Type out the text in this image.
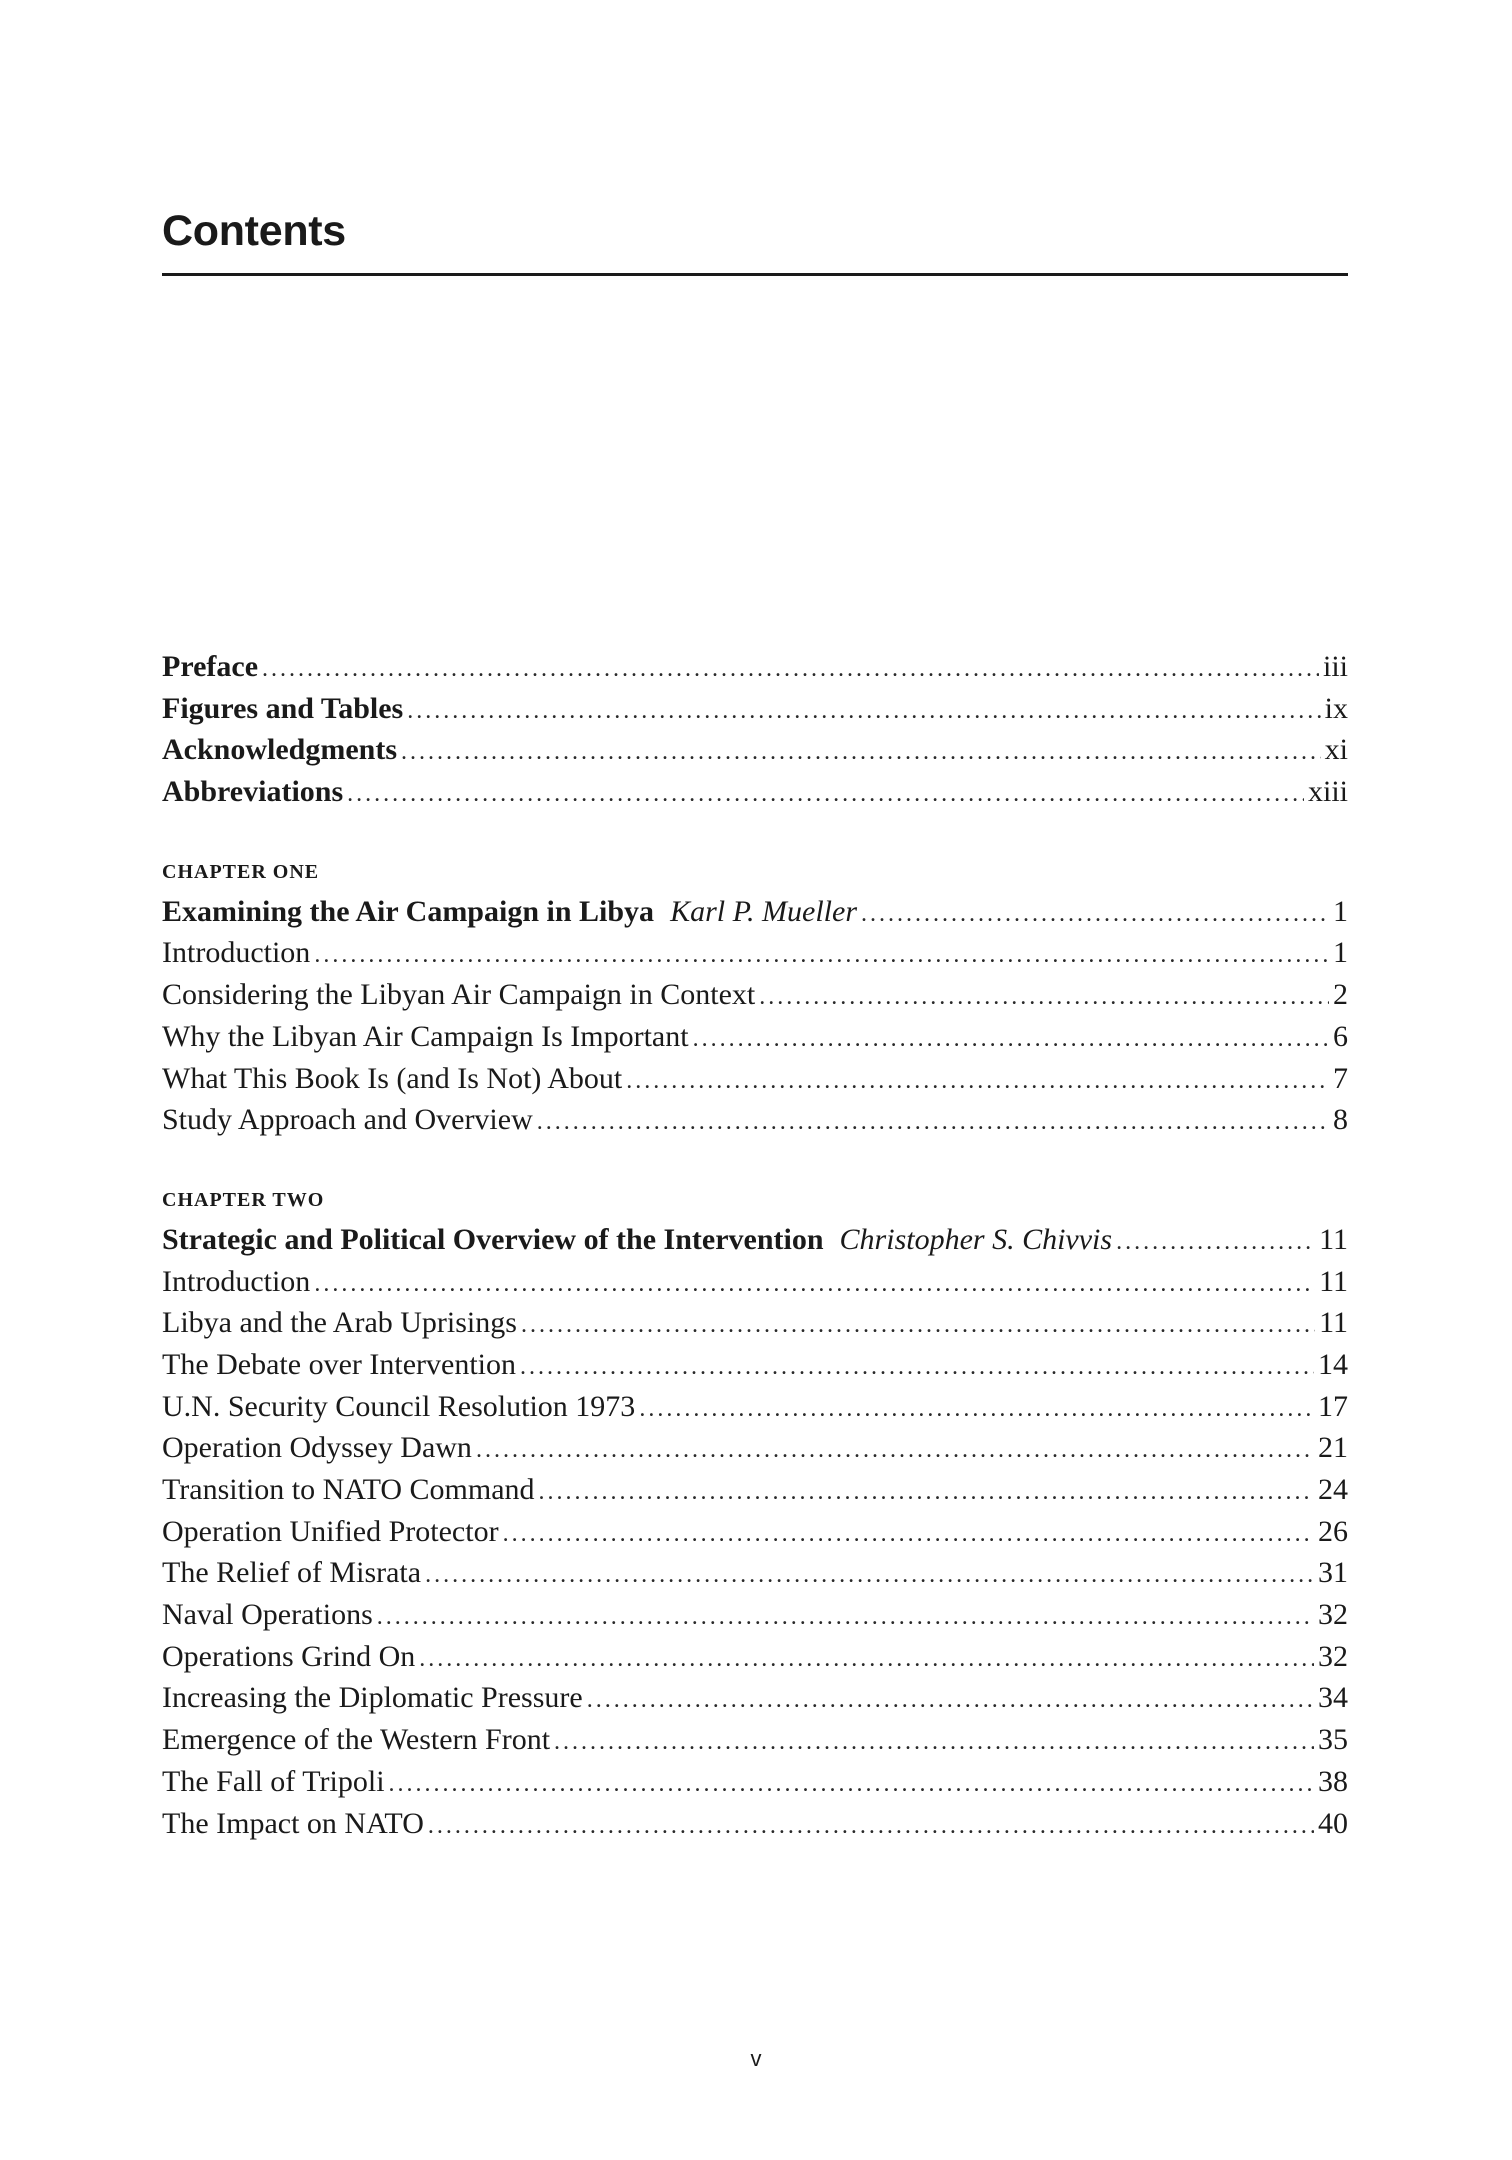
Contents
Preface .....	iii
Figures and Tables .....	ix
Acknowledgments .....	xi
Abbreviations .....	xiii
CHAPTER ONE
Examining the Air Campaign in Libya Karl P. Mueller .....	1
Introduction .....	1
Considering the Libyan Air Campaign in Context .....	2
Why the Libyan Air Campaign Is Important .....	6
What This Book Is (and Is Not) About .....	7
Study Approach and Overview .....	8
CHAPTER TWO
Strategic and Political Overview of the Intervention Christopher S. Chivvis .....	11
Introduction .....	11
Libya and the Arab Uprisings .....	11
The Debate over Intervention .....	14
U.N. Security Council Resolution 1973 .....	17
Operation Odyssey Dawn .....	21
Transition to NATO Command .....	24
Operation Unified Protector .....	26
The Relief of Misrata .....	31
Naval Operations .....	32
Operations Grind On .....	32
Increasing the Diplomatic Pressure .....	34
Emergence of the Western Front .....	35
The Fall of Tripoli .....	38
The Impact on NATO .....	40
v
